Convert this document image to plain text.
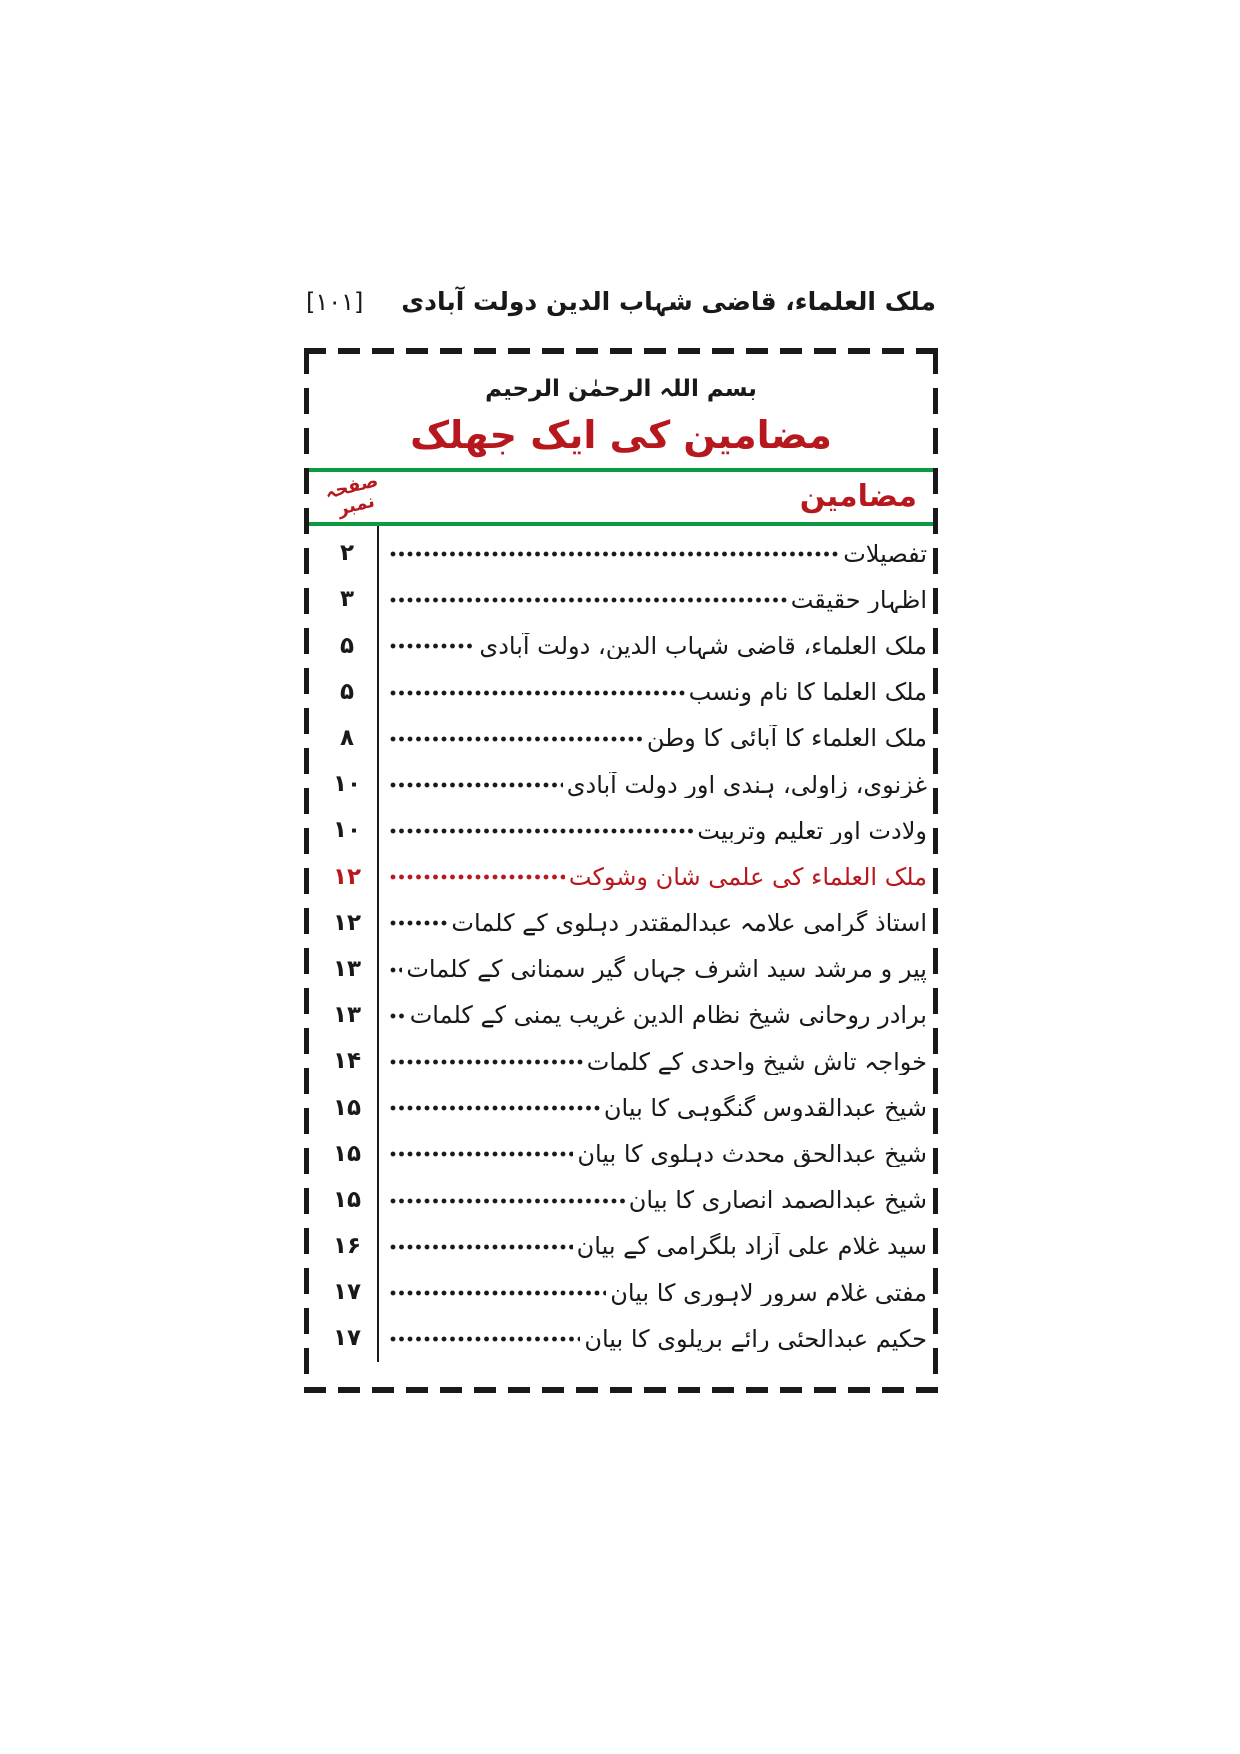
[۱۰۱] ملک العلماء، قاضی شہاب الدین دولت آبادی
بسم اللہ الرحمٰن الرحیم
مضامین کی ایک جھلک
مضامین
صفحہ نمبر
۲	تفصیلات
۳	اظہار حقیقت
۵	ملک العلماء، قاضی شہاب الدین، دولت آبادی
۵	ملک العلما کا نام ونسب
۸	ملک العلماء کا آبائی کا وطن
۱۰	غزنوی، زاولی، ہندی اور دولت آبادی
۱۰	ولادت اور تعلیم وتربیت
۱۲	ملک العلماء کی علمی شان وشوکت
۱۲	استاذ گرامی علامہ عبدالمقتدر دہلوی کے کلمات
۱۳	پیر و مرشد سید اشرف جہاں گیر سمنانی کے کلمات
۱۳	برادر روحانی شیخ نظام الدین غریب یمنی کے کلمات
۱۴	خواجہ تاش شیخ واحدی کے کلمات
۱۵	شیخ عبدالقدوس گنگوہی کا بیان
۱۵	شیخ عبدالحق محدث دہلوی کا بیان
۱۵	شیخ عبدالصمد انصاری کا بیان
۱۶	سید غلام علی آزاد بلگرامی کے بیان
۱۷	مفتی غلام سرور لاہوری کا بیان
۱۷	حکیم عبدالحئی رائے بریلوی کا بیان
